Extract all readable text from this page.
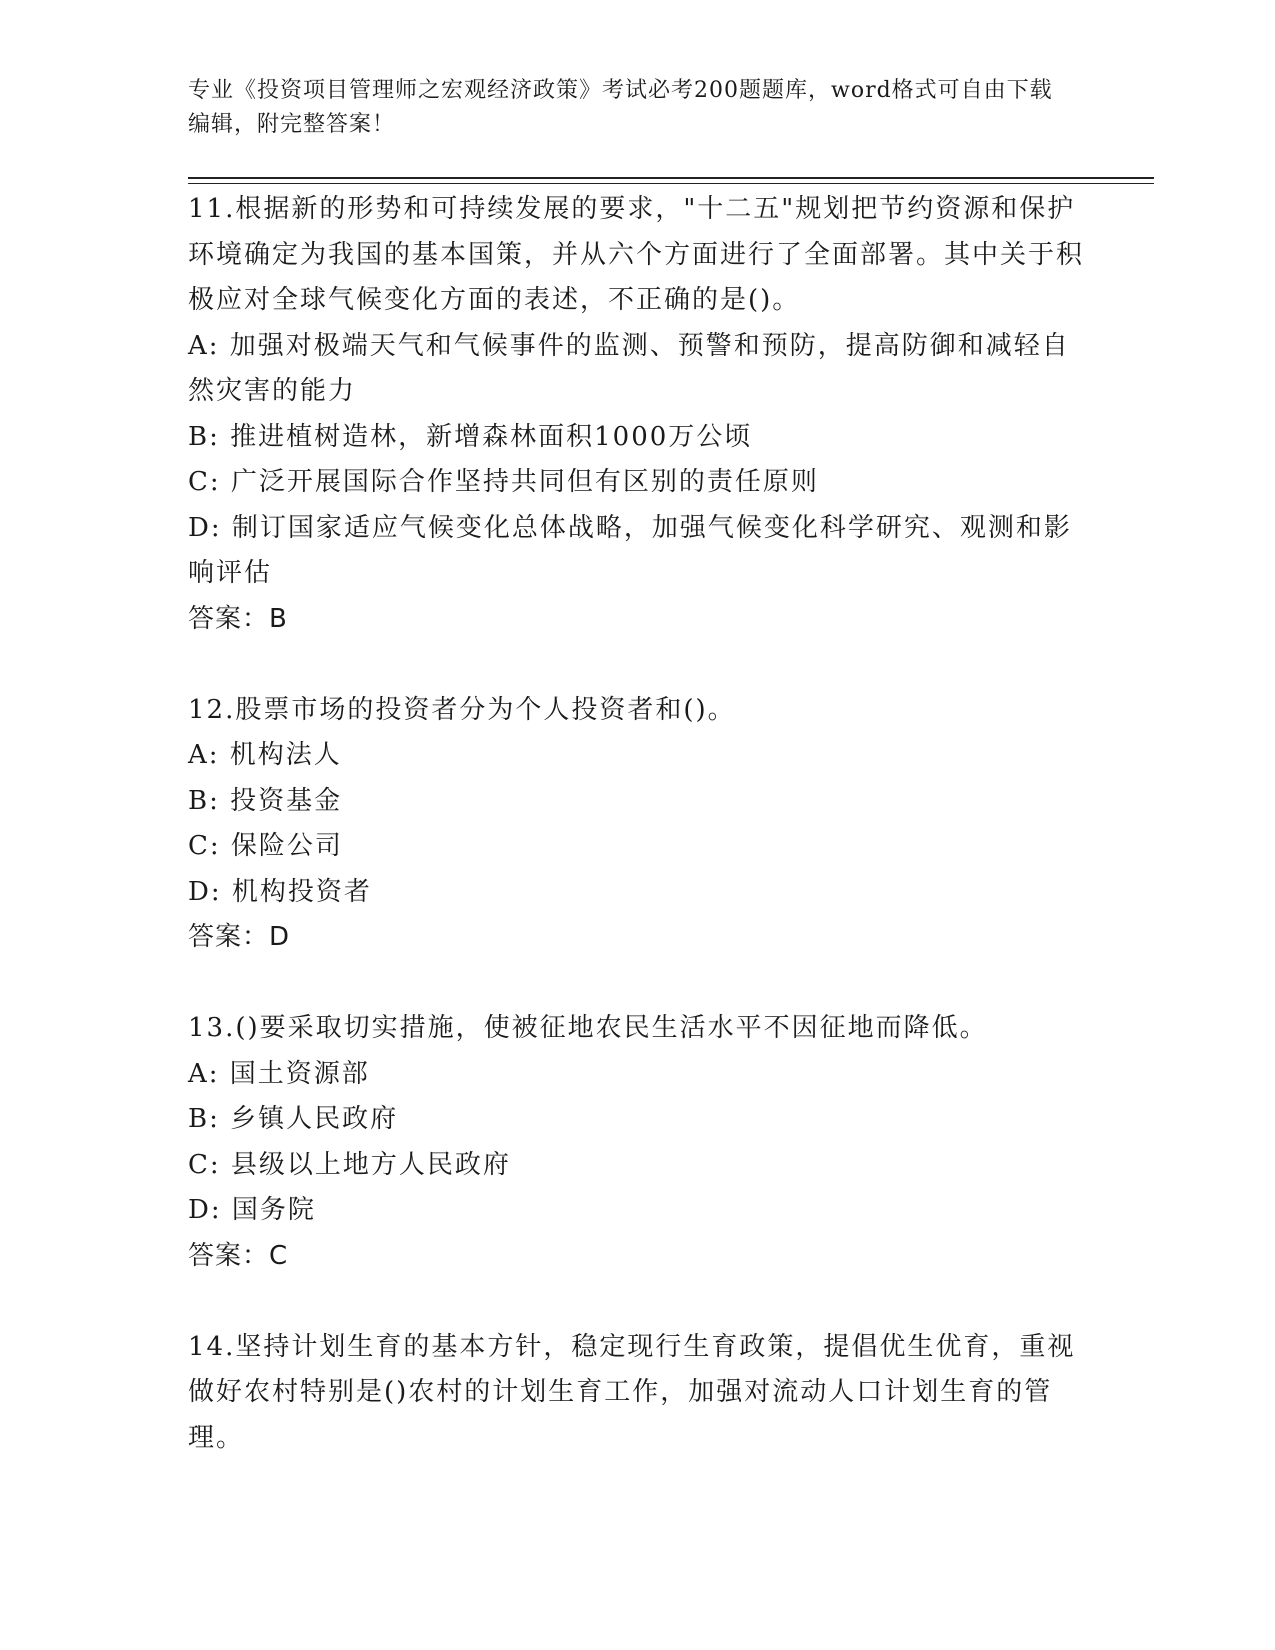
专业《投资项目管理师之宏观经济政策》考试必考200题题库，word格式可自由下载编辑，附完整答案！

11.根据新的形势和可持续发展的要求，"十二五"规划把节约资源和保护环境确定为我国的基本国策，并从六个方面进行了全面部署。其中关于积极应对全球气候变化方面的表述，不正确的是()。

A: 加强对极端天气和气候事件的监测、预警和预防，提高防御和减轻自然灾害的能力

B: 推进植树造林，新增森林面积1000万公顷

C: 广泛开展国际合作坚持共同但有区别的责任原则

D: 制订国家适应气候变化总体战略，加强气候变化科学研究、观测和影响评估

答案：B

12.股票市场的投资者分为个人投资者和()。

A: 机构法人

B: 投资基金

C: 保险公司

D: 机构投资者

答案：D

13.()要采取切实措施，使被征地农民生活水平不因征地而降低。

A: 国土资源部

B: 乡镇人民政府

C: 县级以上地方人民政府

D: 国务院

答案：C

14.坚持计划生育的基本方针，稳定现行生育政策，提倡优生优育，重视做好农村特别是()农村的计划生育工作，加强对流动人口计划生育的管理。
